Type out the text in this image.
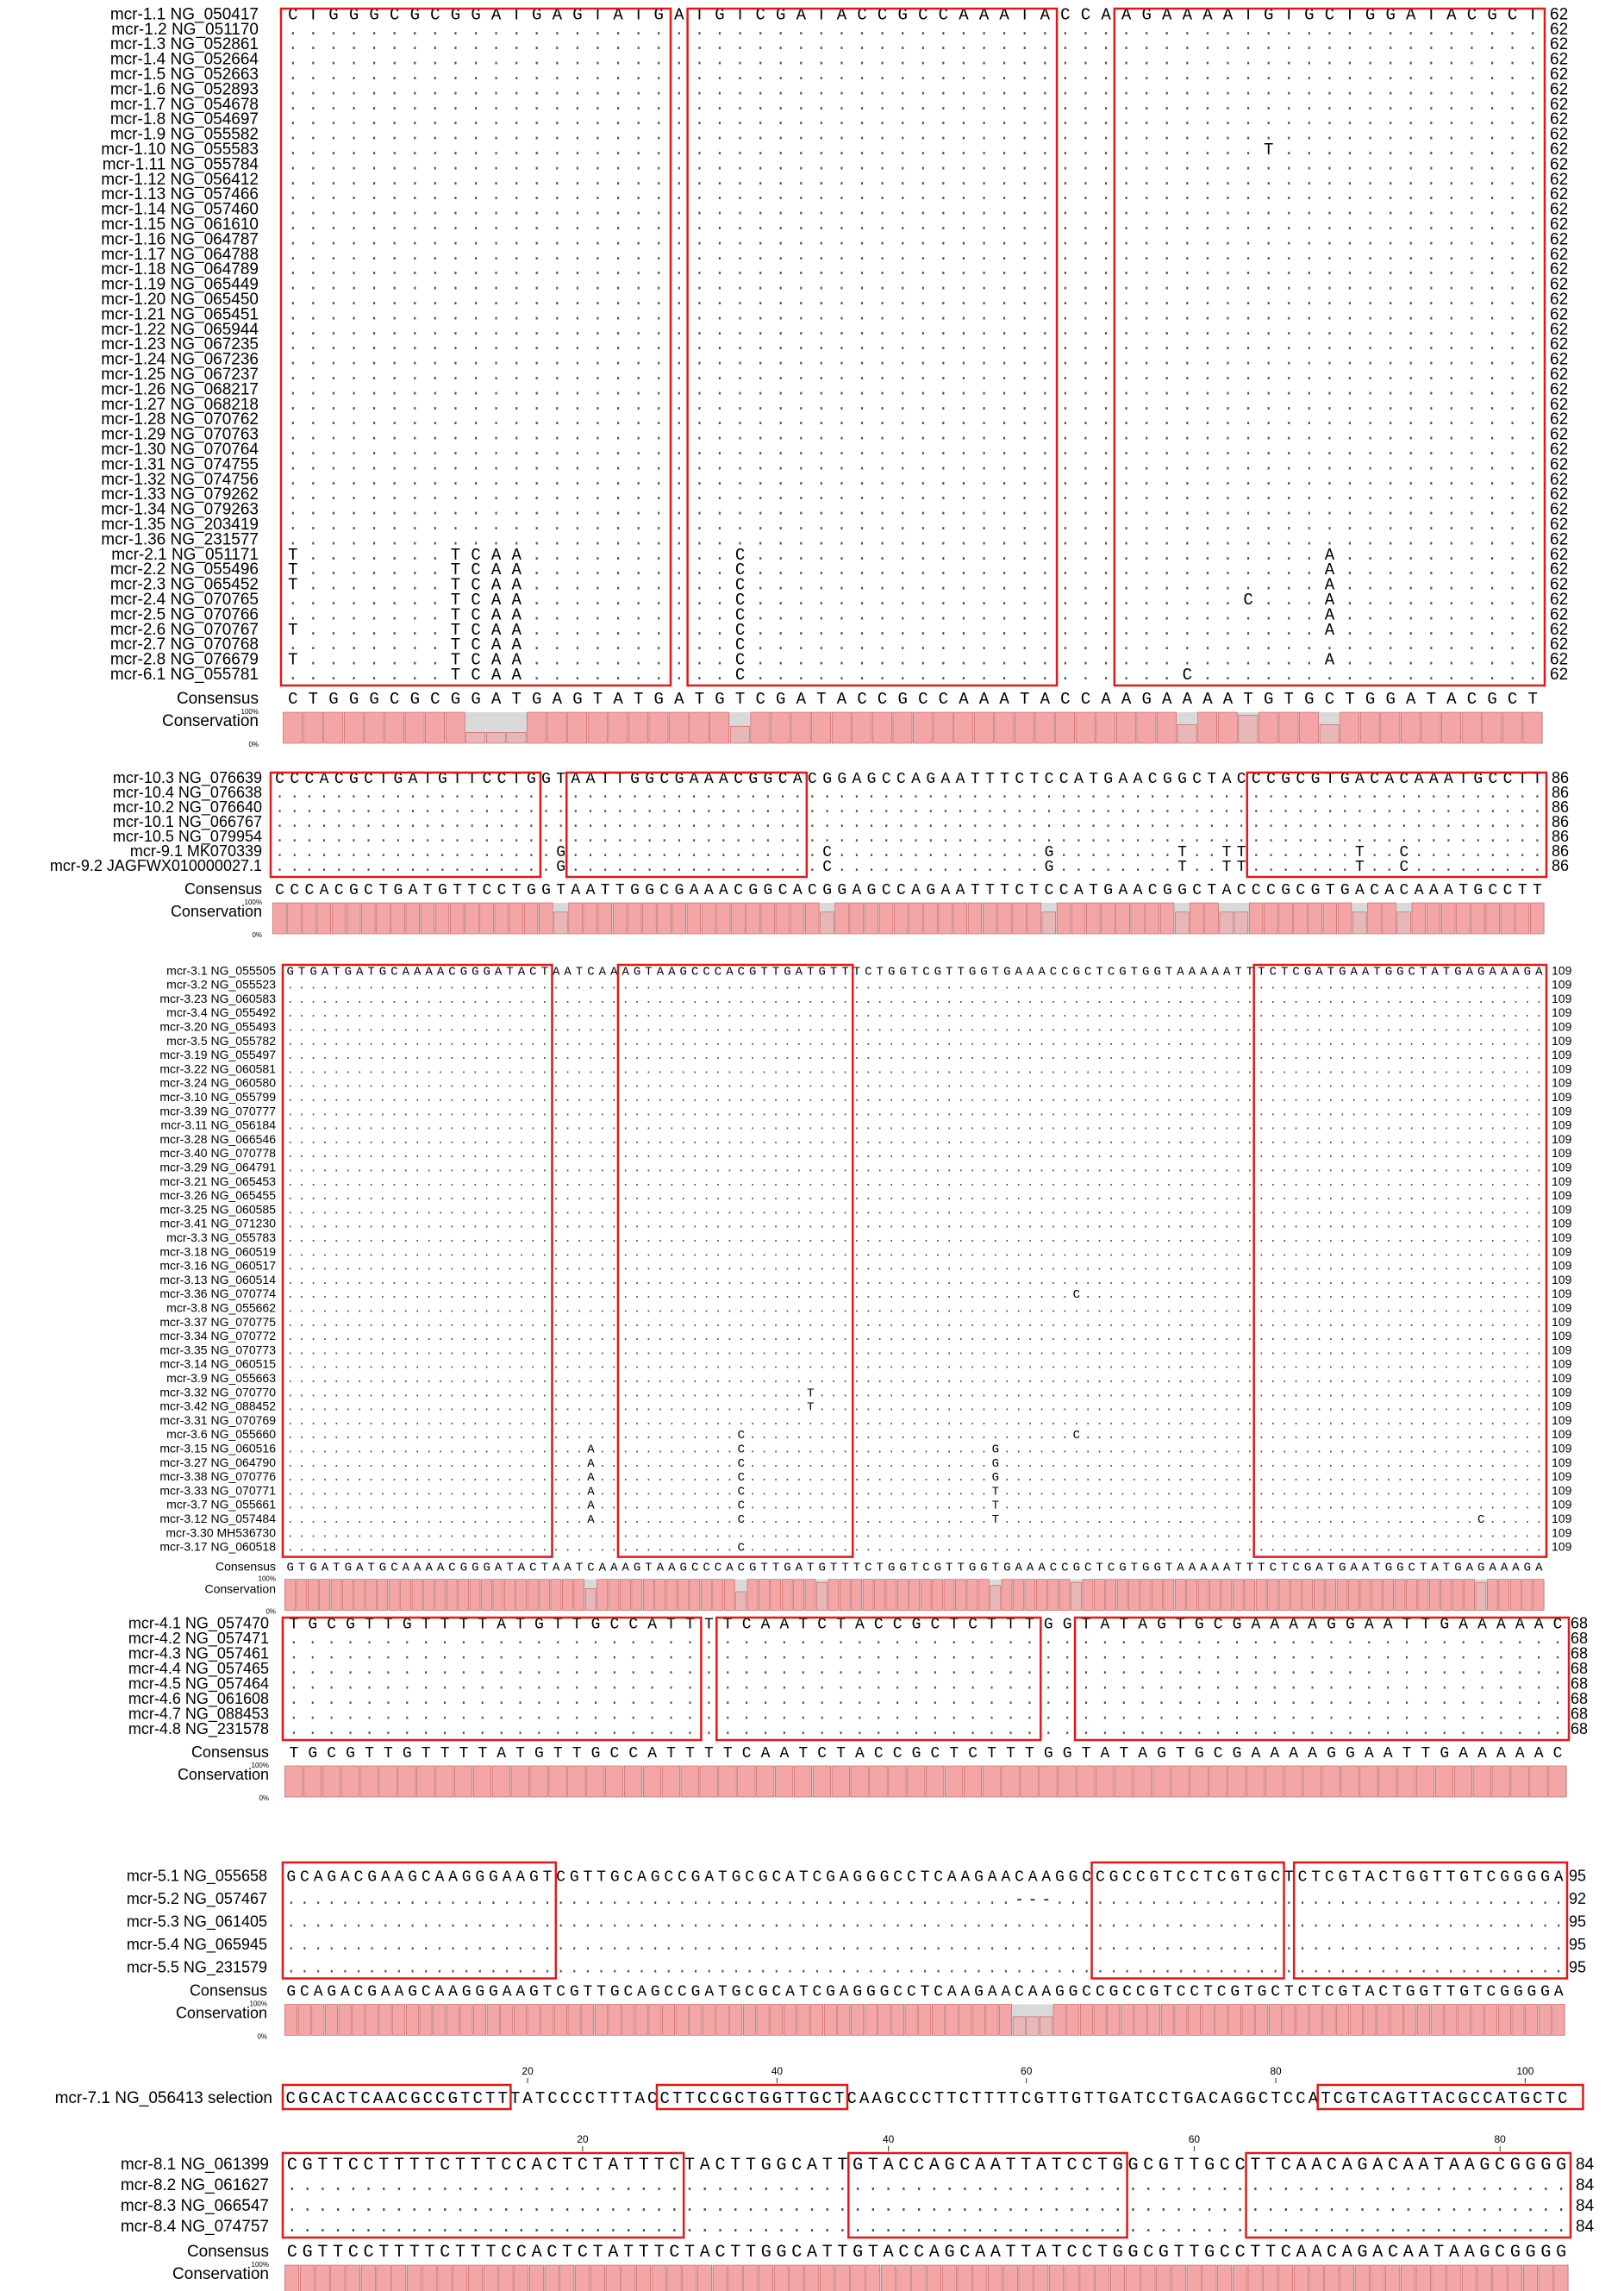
mcr-1.1 NG_050417 C T G G G C G C G G A T G A G T A T G A T G T C G A T A C C G C C A A A T A C C A A G A A A A T G T G C T G G A T A C G C T 62
mcr-1.2 NG_051170 . . . . . . . . . . . . . . . . . . . . . . . . . . . . . . . . . . . . . . . . . . . . . . . . . . . . . . . . . . . . . . 62
mcr-1.3 NG_052861 . . . . . . . . . . . . . . . . . . . . . . . . . . . . . . . . . . . . . . . . . . . . . . . . . . . . . . . . . . . . . . 62
mcr-1.4 NG_052664 . . . . . . . . . . . . . . . . . . . . . . . . . . . . . . . . . . . . . . . . . . . . . . . . . . . . . . . . . . . . . . 62
mcr-1.5 NG_052663 . . . . . . . . . . . . . . . . . . . . . . . . . . . . . . . . . . . . . . . . . . . . . . . . . . . . . . . . . . . . . . 62
mcr-1.6 NG_052893 . . . . . . . . . . . . . . . . . . . . . . . . . . . . . . . . . . . . . . . . . . . . . . . . . . . . . . . . . . . . . . 62
mcr-1.7 NG_054678 . . . . . . . . . . . . . . . . . . . . . . . . . . . . . . . . . . . . . . . . . . . . . . . . . . . . . . . . . . . . . . 62
mcr-1.8 NG_054697 . . . . . . . . . . . . . . . . . . . . . . . . . . . . . . . . . . . . . . . . . . . . . . . . . . . . . . . . . . . . . . 62
mcr-1.9 NG_055582 . . . . . . . . . . . . . . . . . . . . . . . . . . . . . . . . . . . . . . . . . . . . . . . . . . . . . . . . . . . . . . 62
mcr-1.10 NG_055583 . . . . . . . . . . . . . . . . . . . . . . . . . . . . . . . . . . . . . . . . . . . . . . . . T . . . . . . . . . . . . . 62
mcr-1.11 NG_055784 . . . . . . . . . . . . . . . . . . . . . . . . . . . . . . . . . . . . . . . . . . . . . . . . . . . . . . . . . . . . . . 62
mcr-1.12 NG_056412 . . . . . . . . . . . . . . . . . . . . . . . . . . . . . . . . . . . . . . . . . . . . . . . . . . . . . . . . . . . . . . 62
mcr-1.13 NG_057466 . . . . . . . . . . . . . . . . . . . . . . . . . . . . . . . . . . . . . . . . . . . . . . . . . . . . . . . . . . . . . . 62
mcr-1.14 NG_057460 . . . . . . . . . . . . . . . . . . . . . . . . . . . . . . . . . . . . . . . . . . . . . . . . . . . . . . . . . . . . . . 62
mcr-1.15 NG_061610 . . . . . . . . . . . . . . . . . . . . . . . . . . . . . . . . . . . . . . . . . . . . . . . . . . . . . . . . . . . . . . 62
mcr-1.16 NG_064787 . . . . . . . . . . . . . . . . . . . . . . . . . . . . . . . . . . . . . . . . . . . . . . . . . . . . . . . . . . . . . . 62
mcr-1.17 NG_064788 . . . . . . . . . . . . . . . . . . . . . . . . . . . . . . . . . . . . . . . . . . . . . . . . . . . . . . . . . . . . . . 62
mcr-1.18 NG_064789 . . . . . . . . . . . . . . . . . . . . . . . . . . . . . . . . . . . . . . . . . . . . . . . . . . . . . . . . . . . . . . 62
mcr-1.19 NG_065449 . . . . . . . . . . . . . . . . . . . . . . . . . . . . . . . . . . . . . . . . . . . . . . . . . . . . . . . . . . . . . . 62
mcr-1.20 NG_065450 . . . . . . . . . . . . . . . . . . . . . . . . . . . . . . . . . . . . . . . . . . . . . . . . . . . . . . . . . . . . . . 62
mcr-1.21 NG_065451 . . . . . . . . . . . . . . . . . . . . . . . . . . . . . . . . . . . . . . . . . . . . . . . . . . . . . . . . . . . . . . 62
mcr-1.22 NG_065944 . . . . . . . . . . . . . . . . . . . . . . . . . . . . . . . . . . . . . . . . . . . . . . . . . . . . . . . . . . . . . . 62
mcr-1.23 NG_067235 . . . . . . . . . . . . . . . . . . . . . . . . . . . . . . . . . . . . . . . . . . . . . . . . . . . . . . . . . . . . . . 62
mcr-1.24 NG_067236 . . . . . . . . . . . . . . . . . . . . . . . . . . . . . . . . . . . . . . . . . . . . . . . . . . . . . . . . . . . . . . 62
mcr-1.25 NG_067237 . . . . . . . . . . . . . . . . . . . . . . . . . . . . . . . . . . . . . . . . . . . . . . . . . . . . . . . . . . . . . . 62
mcr-1.26 NG_068217 . . . . . . . . . . . . . . . . . . . . . . . . . . . . . . . . . . . . . . . . . . . . . . . . . . . . . . . . . . . . . . 62
mcr-1.27 NG_068218 . . . . . . . . . . . . . . . . . . . . . . . . . . . . . . . . . . . . . . . . . . . . . . . . . . . . . . . . . . . . . . 62
mcr-1.28 NG_070762 . . . . . . . . . . . . . . . . . . . . . . . . . . . . . . . . . . . . . . . . . . . . . . . . . . . . . . . . . . . . . . 62
mcr-1.29 NG_070763 . . . . . . . . . . . . . . . . . . . . . . . . . . . . . . . . . . . . . . . . . . . . . . . . . . . . . . . . . . . . . . 62
mcr-1.30 NG_070764 . . . . . . . . . . . . . . . . . . . . . . . . . . . . . . . . . . . . . . . . . . . . . . . . . . . . . . . . . . . . . . 62
mcr-1.31 NG_074755 . . . . . . . . . . . . . . . . . . . . . . . . . . . . . . . . . . . . . . . . . . . . . . . . . . . . . . . . . . . . . . 62
mcr-1.32 NG_074756 . . . . . . . . . . . . . . . . . . . . . . . . . . . . . . . . . . . . . . . . . . . . . . . . . . . . . . . . . . . . . . 62
mcr-1.33 NG_079262 . . . . . . . . . . . . . . . . . . . . . . . . . . . . . . . . . . . . . . . . . . . . . . . . . . . . . . . . . . . . . . 62
mcr-1.34 NG_079263 . . . . . . . . . . . . . . . . . . . . . . . . . . . . . . . . . . . . . . . . . . . . . . . . . . . . . . . . . . . . . . 62
mcr-1.35 NG_203419 . . . . . . . . . . . . . . . . . . . . . . . . . . . . . . . . . . . . . . . . . . . . . . . . . . . . . . . . . . . . . . 62
mcr-1.36 NG_231577 . . . . . . . . . . . . . . . . . . . . . . . . . . . . . . . . . . . . . . . . . . . . . . . . . . . . . . . . . . . . . . 62
mcr-2.1 NG_051171 T . . . . . . . T C A A . . . . . . . . . . C . . . . . . . . . . . . . . . . . . . . . . . . . . . . A . . . . . . . . . . 62
mcr-2.2 NG_055496 T . . . . . . . T C A A . . . . . . . . . . C . . . . . . . . . . . . . . . . . . . . . . . . . . . . A . . . . . . . . . . 62
mcr-2.3 NG_065452 T . . . . . . . T C A A . . . . . . . . . . C . . . . . . . . . . . . . . . . . . . . . . . . . . . . A . . . . . . . . . . 62
mcr-2.4 NG_070765 . . . . . . . . T C A A . . . . . . . . . . C . . . . . . . . . . . . . . . . . . . . . . . . C . . . A . . . . . . . . . . 62
mcr-2.5 NG_070766 . . . . . . . . T C A A . . . . . . . . . . C . . . . . . . . . . . . . . . . . . . . . . . . . . . . A . . . . . . . . . . 62
mcr-2.6 NG_070767 T . . . . . . . T C A A . . . . . . . . . . C . . . . . . . . . . . . . . . . . . . . . . . . . . . . A . . . . . . . . . . 62
mcr-2.7 NG_070768 . . . . . . . . T C A A . . . . . . . . . . C . . . . . . . . . . . . . . . . . . . . . . . . . . . . . . . . . . . . . . . 62
mcr-2.8 NG_076679 T . . . . . . . T C A A . . . . . . . . . . C . . . . . . . . . . . . . . . . . . . . . . . . . . . . A . . . . . . . . . . 62
mcr-6.1 NG_055781 . . . . . . . . T C A A . . . . . . . . . . C . . . . . . . . . . . . . . . . . . . . . C . . . . . . . . . . . . . . . . . 62
Consensus C T G G G C G C G G A T G A G T A T G A T G T C G A T A C C G C C A A A T A C C A A G A A A A T G T G C T G G A T A C G C T
Conservation
100%
0%
mcr-10.3 NG_076639 C C C A C G C T G A T G T T C C T G G T A A T T G G C G A A A C G G C A C G G A G C C A G A A T T T C T C C A T G A A C G G C T A C C C G C G T G A C A C A A A T G C C T T 86
mcr-10.4 NG_076638 . . . . . . . . . . . . . . . . . . . . . . . . . . . . . . . . . . . . . . . . . . . . . . . . . . . . . . . . . . . . . . . . . . . . . . . . . . . . . . . . . . . . . . 86
mcr-10.2 NG_076640 . . . . . . . . . . . . . . . . . . . . . . . . . . . . . . . . . . . . . . . . . . . . . . . . . . . . . . . . . . . . . . . . . . . . . . . . . . . . . . . . . . . . . . 86
mcr-10.1 NG_066767 . . . . . . . . . . . . . . . . . . . . . . . . . . . . . . . . . . . . . . . . . . . . . . . . . . . . . . . . . . . . . . . . . . . . . . . . . . . . . . . . . . . . . . 86
mcr-10.5 NG_079954 . . . . . . . . . . . . . . . . . . . . . . . . . . . . . . . . . . . . . . . . . . . . . . . . . . . . . . . . . . . . . . . . . . . . . . . . . . . . . . . . . . . . . . 86
mcr-9.1 MK070339 . . . . . . . . . . . . . . . . . . . G . . . . . . . . . . . . . . . . . C . . . . . . . . . . . . . . G . . . . . . . . T . . T T . . . . . . . T . . C . . . . . . . . . 86
mcr-9.2 JAGFWX010000027.1 . . . . . . . . . . . . . . . . . . . G . . . . . . . . . . . . . . . . . C . . . . . . . . . . . . . . G . . . . . . . . T . . T T . . . . . . . T . . C . . . . . . . . . 86
Consensus C C C A C G C T G A T G T T C C T G G T A A T T G G C G A A A C G G C A C G G A G C C A G A A T T T C T C C A T G A A C G G C T A C C C G C G T G A C A C A A A T G C C T T
Conservation
100%
0%
mcr-3.1 NG_055505 G T G A T G A T G C A A A A C G G G A T A C T A A T C A A A G T A A G C C C A C G T T G A T G T T T C T G G T C G T T G G T G A A A C C G C T C G T G G T A A A A A T T T C T C G A T G A A T G G C T A T G A G A A A G A 109
mcr-3.2 NG_055523 . . . . . . . . . . . . . . . . . . . . . . . . . . . . . . . . . . . . . . . . . . . . . . . . . . . . . . . . . . . . . . . . . . . . . . . . . . . . . . . . . . . . . . . . . . . . . . . . . . . . . . . . . . . . . 109
mcr-3.23 NG_060583 . . . . . . . . . . . . . . . . . . . . . . . . . . . . . . . . . . . . . . . . . . . . . . . . . . . . . . . . . . . . . . . . . . . . . . . . . . . . . . . . . . . . . . . . . . . . . . . . . . . . . . . . . . . . . 109
mcr-3.4 NG_055492 . . . . . . . . . . . . . . . . . . . . . . . . . . . . . . . . . . . . . . . . . . . . . . . . . . . . . . . . . . . . . . . . . . . . . . . . . . . . . . . . . . . . . . . . . . . . . . . . . . . . . . . . . . . . . 109
mcr-3.20 NG_055493 . . . . . . . . . . . . . . . . . . . . . . . . . . . . . . . . . . . . . . . . . . . . . . . . . . . . . . . . . . . . . . . . . . . . . . . . . . . . . . . . . . . . . . . . . . . . . . . . . . . . . . . . . . . . . 109
mcr-3.5 NG_055782 . . . . . . . . . . . . . . . . . . . . . . . . . . . . . . . . . . . . . . . . . . . . . . . . . . . . . . . . . . . . . . . . . . . . . . . . . . . . . . . . . . . . . . . . . . . . . . . . . . . . . . . . . . . . . 109
mcr-3.19 NG_055497 . . . . . . . . . . . . . . . . . . . . . . . . . . . . . . . . . . . . . . . . . . . . . . . . . . . . . . . . . . . . . . . . . . . . . . . . . . . . . . . . . . . . . . . . . . . . . . . . . . . . . . . . . . . . . 109
mcr-3.22 NG_060581 . . . . . . . . . . . . . . . . . . . . . . . . . . . . . . . . . . . . . . . . . . . . . . . . . . . . . . . . . . . . . . . . . . . . . . . . . . . . . . . . . . . . . . . . . . . . . . . . . . . . . . . . . . . . . 109
mcr-3.24 NG_060580 . . . . . . . . . . . . . . . . . . . . . . . . . . . . . . . . . . . . . . . . . . . . . . . . . . . . . . . . . . . . . . . . . . . . . . . . . . . . . . . . . . . . . . . . . . . . . . . . . . . . . . . . . . . . . 109
mcr-3.10 NG_055799 . . . . . . . . . . . . . . . . . . . . . . . . . . . . . . . . . . . . . . . . . . . . . . . . . . . . . . . . . . . . . . . . . . . . . . . . . . . . . . . . . . . . . . . . . . . . . . . . . . . . . . . . . . . . . 109
mcr-3.39 NG_070777 . . . . . . . . . . . . . . . . . . . . . . . . . . . . . . . . . . . . . . . . . . . . . . . . . . . . . . . . . . . . . . . . . . . . . . . . . . . . . . . . . . . . . . . . . . . . . . . . . . . . . . . . . . . . . 109
mcr-3.11 NG_056184 . . . . . . . . . . . . . . . . . . . . . . . . . . . . . . . . . . . . . . . . . . . . . . . . . . . . . . . . . . . . . . . . . . . . . . . . . . . . . . . . . . . . . . . . . . . . . . . . . . . . . . . . . . . . . 109
mcr-3.28 NG_066546 . . . . . . . . . . . . . . . . . . . . . . . . . . . . . . . . . . . . . . . . . . . . . . . . . . . . . . . . . . . . . . . . . . . . . . . . . . . . . . . . . . . . . . . . . . . . . . . . . . . . . . . . . . . . . 109
mcr-3.40 NG_070778 . . . . . . . . . . . . . . . . . . . . . . . . . . . . . . . . . . . . . . . . . . . . . . . . . . . . . . . . . . . . . . . . . . . . . . . . . . . . . . . . . . . . . . . . . . . . . . . . . . . . . . . . . . . . . 109
mcr-3.29 NG_064791 . . . . . . . . . . . . . . . . . . . . . . . . . . . . . . . . . . . . . . . . . . . . . . . . . . . . . . . . . . . . . . . . . . . . . . . . . . . . . . . . . . . . . . . . . . . . . . . . . . . . . . . . . . . . . 109
mcr-3.21 NG_065453 . . . . . . . . . . . . . . . . . . . . . . . . . . . . . . . . . . . . . . . . . . . . . . . . . . . . . . . . . . . . . . . . . . . . . . . . . . . . . . . . . . . . . . . . . . . . . . . . . . . . . . . . . . . . . 109
mcr-3.26 NG_065455 . . . . . . . . . . . . . . . . . . . . . . . . . . . . . . . . . . . . . . . . . . . . . . . . . . . . . . . . . . . . . . . . . . . . . . . . . . . . . . . . . . . . . . . . . . . . . . . . . . . . . . . . . . . . . 109
mcr-3.25 NG_060585 . . . . . . . . . . . . . . . . . . . . . . . . . . . . . . . . . . . . . . . . . . . . . . . . . . . . . . . . . . . . . . . . . . . . . . . . . . . . . . . . . . . . . . . . . . . . . . . . . . . . . . . . . . . . . 109
mcr-3.41 NG_071230 . . . . . . . . . . . . . . . . . . . . . . . . . . . . . . . . . . . . . . . . . . . . . . . . . . . . . . . . . . . . . . . . . . . . . . . . . . . . . . . . . . . . . . . . . . . . . . . . . . . . . . . . . . . . . 109
mcr-3.3 NG_055783 . . . . . . . . . . . . . . . . . . . . . . . . . . . . . . . . . . . . . . . . . . . . . . . . . . . . . . . . . . . . . . . . . . . . . . . . . . . . . . . . . . . . . . . . . . . . . . . . . . . . . . . . . . . . . 109
mcr-3.18 NG_060519 . . . . . . . . . . . . . . . . . . . . . . . . . . . . . . . . . . . . . . . . . . . . . . . . . . . . . . . . . . . . . . . . . . . . . . . . . . . . . . . . . . . . . . . . . . . . . . . . . . . . . . . . . . . . . 109
mcr-3.16 NG_060517 . . . . . . . . . . . . . . . . . . . . . . . . . . . . . . . . . . . . . . . . . . . . . . . . . . . . . . . . . . . . . . . . . . . . . . . . . . . . . . . . . . . . . . . . . . . . . . . . . . . . . . . . . . . . . 109
mcr-3.13 NG_060514 . . . . . . . . . . . . . . . . . . . . . . . . . . . . . . . . . . . . . . . . . . . . . . . . . . . . . . . . . . . . . . . . . . . . . . . . . . . . . . . . . . . . . . . . . . . . . . . . . . . . . . . . . . . . . 109
mcr-3.36 NG_070774 . . . . . . . . . . . . . . . . . . . . . . . . . . . . . . . . . . . . . . . . . . . . . . . . . . . . . . . . . . . . . . . . . . . . C . . . . . . . . . . . . . . . . . . . . . . . . . . . . . . . . . . . . . . . . 109
mcr-3.8 NG_055662 . . . . . . . . . . . . . . . . . . . . . . . . . . . . . . . . . . . . . . . . . . . . . . . . . . . . . . . . . . . . . . . . . . . . . . . . . . . . . . . . . . . . . . . . . . . . . . . . . . . . . . . . . . . . . 109
mcr-3.37 NG_070775 . . . . . . . . . . . . . . . . . . . . . . . . . . . . . . . . . . . . . . . . . . . . . . . . . . . . . . . . . . . . . . . . . . . . . . . . . . . . . . . . . . . . . . . . . . . . . . . . . . . . . . . . . . . . . 109
mcr-3.34 NG_070772 . . . . . . . . . . . . . . . . . . . . . . . . . . . . . . . . . . . . . . . . . . . . . . . . . . . . . . . . . . . . . . . . . . . . . . . . . . . . . . . . . . . . . . . . . . . . . . . . . . . . . . . . . . . . . 109
mcr-3.35 NG_070773 . . . . . . . . . . . . . . . . . . . . . . . . . . . . . . . . . . . . . . . . . . . . . . . . . . . . . . . . . . . . . . . . . . . . . . . . . . . . . . . . . . . . . . . . . . . . . . . . . . . . . . . . . . . . . 109
mcr-3.14 NG_060515 . . . . . . . . . . . . . . . . . . . . . . . . . . . . . . . . . . . . . . . . . . . . . . . . . . . . . . . . . . . . . . . . . . . . . . . . . . . . . . . . . . . . . . . . . . . . . . . . . . . . . . . . . . . . . 109
mcr-3.9 NG_055663 . . . . . . . . . . . . . . . . . . . . . . . . . . . . . . . . . . . . . . . . . . . . . . . . . . . . . . . . . . . . . . . . . . . . . . . . . . . . . . . . . . . . . . . . . . . . . . . . . . . . . . . . . . . . . 109
mcr-3.32 NG_070770 . . . . . . . . . . . . . . . . . . . . . . . . . . . . . . . . . . . . . . . . . . . . . T . . . . . . . . . . . . . . . . . . . . . . . . . . . . . . . . . . . . . . . . . . . . . . . . . . . . . . . . . . . . . . . 109
mcr-3.42 NG_088452 . . . . . . . . . . . . . . . . . . . . . . . . . . . . . . . . . . . . . . . . . . . . . T . . . . . . . . . . . . . . . . . . . . . . . . . . . . . . . . . . . . . . . . . . . . . . . . . . . . . . . . . . . . . . . 109
mcr-3.31 NG_070769 . . . . . . . . . . . . . . . . . . . . . . . . . . . . . . . . . . . . . . . . . . . . . . . . . . . . . . . . . . . . . . . . . . . . . . . . . . . . . . . . . . . . . . . . . . . . . . . . . . . . . . . . . . . . . 109
mcr-3.6 NG_055660 . . . . . . . . . . . . . . . . . . . . . . . . . . . . . . . . . . . . . . . C . . . . . . . . . . . . . . . . . . . . . . . . . . . . C . . . . . . . . . . . . . . . . . . . . . . . . . . . . . . . . . . . . . . . . 109
mcr-3.15 NG_060516 . . . . . . . . . . . . . . . . . . . . . . . . . . A . . . . . . . . . . . . C . . . . . . . . . . . . . . . . . . . . . G . . . . . . . . . . . . . . . . . . . . . . . . . . . . . . . . . . . . . . . . . . . . . . . 109
mcr-3.27 NG_064790 . . . . . . . . . . . . . . . . . . . . . . . . . . A . . . . . . . . . . . . C . . . . . . . . . . . . . . . . . . . . . G . . . . . . . . . . . . . . . . . . . . . . . . . . . . . . . . . . . . . . . . . . . . . . . 109
mcr-3.38 NG_070776 . . . . . . . . . . . . . . . . . . . . . . . . . . A . . . . . . . . . . . . C . . . . . . . . . . . . . . . . . . . . . G . . . . . . . . . . . . . . . . . . . . . . . . . . . . . . . . . . . . . . . . . . . . . . . 109
mcr-3.33 NG_070771 . . . . . . . . . . . . . . . . . . . . . . . . . . A . . . . . . . . . . . . C . . . . . . . . . . . . . . . . . . . . . T . . . . . . . . . . . . . . . . . . . . . . . . . . . . . . . . . . . . . . . . . . . . . . . 109
mcr-3.7 NG_055661 . . . . . . . . . . . . . . . . . . . . . . . . . . A . . . . . . . . . . . . C . . . . . . . . . . . . . . . . . . . . . T . . . . . . . . . . . . . . . . . . . . . . . . . . . . . . . . . . . . . . . . . . . . . . . 109
mcr-3.12 NG_057484 . . . . . . . . . . . . . . . . . . . . . . . . . . A . . . . . . . . . . . . C . . . . . . . . . . . . . . . . . . . . . T . . . . . . . . . . . . . . . . . . . . . . . . . . . . . . . . . . . . . . . . . C . . . . . 109
mcr-3.30 MH536730 . . . . . . . . . . . . . . . . . . . . . . . . . . . . . . . . . . . . . . . . . . . . . . . . . . . . . . . . . . . . . . . . . . . . . . . . . . . . . . . . . . . . . . . . . . . . . . . . . . . . . . . . . . . . . 109
mcr-3.17 NG_060518 . . . . . . . . . . . . . . . . . . . . . . . . . . . . . . . . . . . . . . . C . . . . . . . . . . . . . . . . . . . . . . . . . . . . . . . . . . . . . . . . . . . . . . . . . . . . . . . . . . . . . . . . . . . . . 109
Consensus G T G A T G A T G C A A A A C G G G A T A C T A A T C A A A G T A A G C C C A C G T T G A T G T T T C T G G T C G T T G G T G A A A C C G C T C G T G G T A A A A A T T T C T C G A T G A A T G G C T A T G A G A A A G A
Conservation
100%
0%
mcr-4.1 NG_057470 T G C G T T G T T T T A T G T T G C C A T T T T C A A T C T A C C G C T C T T T G G T A T A G T G C G A A A A G G A A T T G A A A A A C 68
mcr-4.2 NG_057471 . . . . . . . . . . . . . . . . . . . . . . . . . . . . . . . . . . . . . . . . . . . . . . . . . . . . . . . . . . . . . . . . . . . . 68
mcr-4.3 NG_057461 . . . . . . . . . . . . . . . . . . . . . . . . . . . . . . . . . . . . . . . . . . . . . . . . . . . . . . . . . . . . . . . . . . . . 68
mcr-4.4 NG_057465 . . . . . . . . . . . . . . . . . . . . . . . . . . . . . . . . . . . . . . . . . . . . . . . . . . . . . . . . . . . . . . . . . . . . 68
mcr-4.5 NG_057464 . . . . . . . . . . . . . . . . . . . . . . . . . . . . . . . . . . . . . . . . . . . . . . . . . . . . . . . . . . . . . . . . . . . . 68
mcr-4.6 NG_061608 . . . . . . . . . . . . . . . . . . . . . . . . . . . . . . . . . . . . . . . . . . . . . . . . . . . . . . . . . . . . . . . . . . . . 68
mcr-4.7 NG_088453 . . . . . . . . . . . . . . . . . . . . . . . . . . . . . . . . . . . . . . . . . . . . . . . . . . . . . . . . . . . . . . . . . . . . 68
mcr-4.8 NG_231578 . . . . . . . . . . . . . . . . . . . . . . . . . . . . . . . . . . . . . . . . . . . . . . . . . . . . . . . . . . . . . . . . . . . . 68
Consensus T G C G T T G T T T T A T G T T G C C A T T T T C A A T C T A C C G C T C T T T G G T A T A G T G C G A A A A G G A A T T G A A A A A C
Conservation
100%
0%
mcr-5.1 NG_055658 G C A G A C G A A G C A A G G G A A G T C G T T G C A G C C G A T G C G C A T C G A G G G C C T C A A G A A C A A G G C C G C C G T C C T C G T G C T C T C G T A C T G G T T G T C G G G G A 95
mcr-5.2 NG_057467 . . . . . . . . . . . . . . . . . . . . . . . . . . . . . . . . . . . . . . . . . . . . . . . . . . . . . . - - - . . . . . . . . . . . . . . . . . . . . . . . . . . . . . . . . . . . . . . 92
mcr-5.3 NG_061405 . . . . . . . . . . . . . . . . . . . . . . . . . . . . . . . . . . . . . . . . . . . . . . . . . . . . . . . . . . . . . . . . . . . . . . . . . . . . . . . . . . . . . . . . . . . . . . . 95
mcr-5.4 NG_065945 . . . . . . . . . . . . . . . . . . . . . . . . . . . . . . . . . . . . . . . . . . . . . . . . . . . . . . . . . . . . . . . . . . . . . . . . . . . . . . . . . . . . . . . . . . . . . . . 95
mcr-5.5 NG_231579 . . . . . . . . . . . . . . . . . . . . . . . . . . . . . . . . . . . . . . . . . . . . . . . . . . . . . . . . . . . . . . . . . . . . . . . . . . . . . . . . . . . . . . . . . . . . . . . 95
Consensus G C A G A C G A A G C A A G G G A A G T C G T T G C A G C C G A T G C G C A T C G A G G G C C T C A A G A A C A A G G C C G C C G T C C T C G T G C T C T C G T A C T G G T T G T C G G G G A
Conservation
100%
0%
20	40	60	80	100
mcr-7.1 NG_056413 selection C G C A C T C A A C G C C G T C T T T A T C C C C T T T A C C T T C C G C T G G T T G C T C A A G C C C T T C T T T T C G T T G T T G A T C C T G A C A G G C T C C A T C G T C A G T T A C G C C A T G C T C
20	40	60	80
mcr-8.1 NG_061399 C G T T C C T T T T C T T T C C A C T C T A T T T C T A C T T G G C A T T G T A C C A G C A A T T A T C C T G G C G T T G C C T T C A A C A G A C A A T A A G C G G G G 84
mcr-8.2 NG_061627 . . . . . . . . . . . . . . . . . . . . . . . . . . . . . . . . . . . . . . . . . . . . . . . . . . . . . . . . . . . . . . . . . . . . . . . . . . . . . . . . . . . . 84
mcr-8.3 NG_066547 . . . . . . . . . . . . . . . . . . . . . . . . . . . . . . . . . . . . . . . . . . . . . . . . . . . . . . . . . . . . . . . . . . . . . . . . . . . . . . . . . . . . 84
mcr-8.4 NG_074757 . . . . . . . . . . . . . . . . . . . . . . . . . . . . . . . . . . . . . . . . . . . . . . . . . . . . . . . . . . . . . . . . . . . . . . . . . . . . . . . . . . . . 84
Consensus C G T T C C T T T T C T T T C C A C T C T A T T T C T A C T T G G C A T T G T A C C A G C A A T T A T C C T G G C G T T G C C T T C A A C A G A C A A T A A G C G G G G
Conservation
100%
